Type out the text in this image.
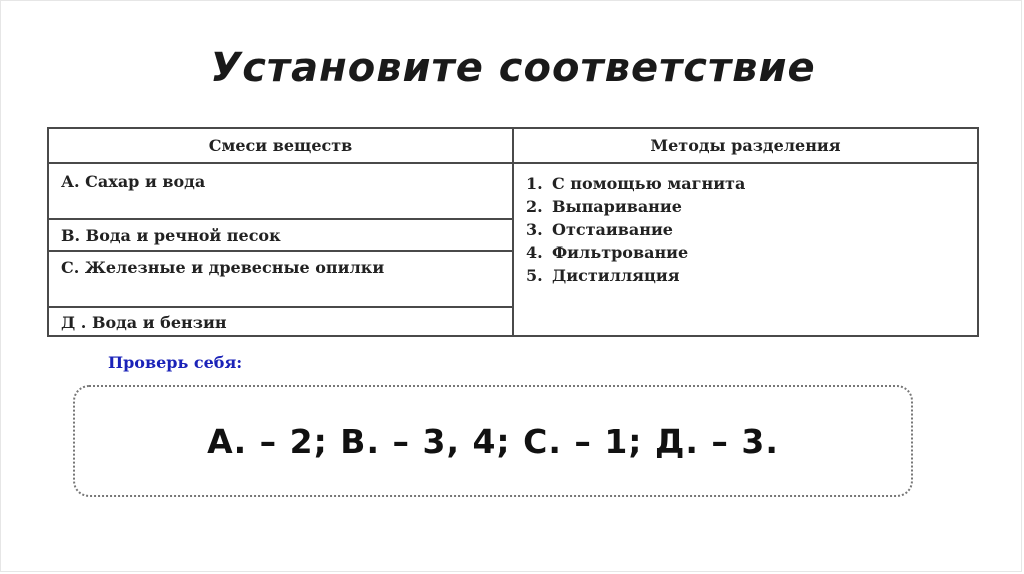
Установите соответствие
Смеси веществ
А. Сахар и вода
В. Вода и речной песок
С. Железные и древесные опилки
Д . Вода и бензин
Методы разделения
1. С помощью магнита
2. Выпаривание
3. Отстаивание
4. Фильтрование
5. Дистилляция
Проверь себя:
А. – 2; В. – 3, 4; С. – 1; Д. – 3.
